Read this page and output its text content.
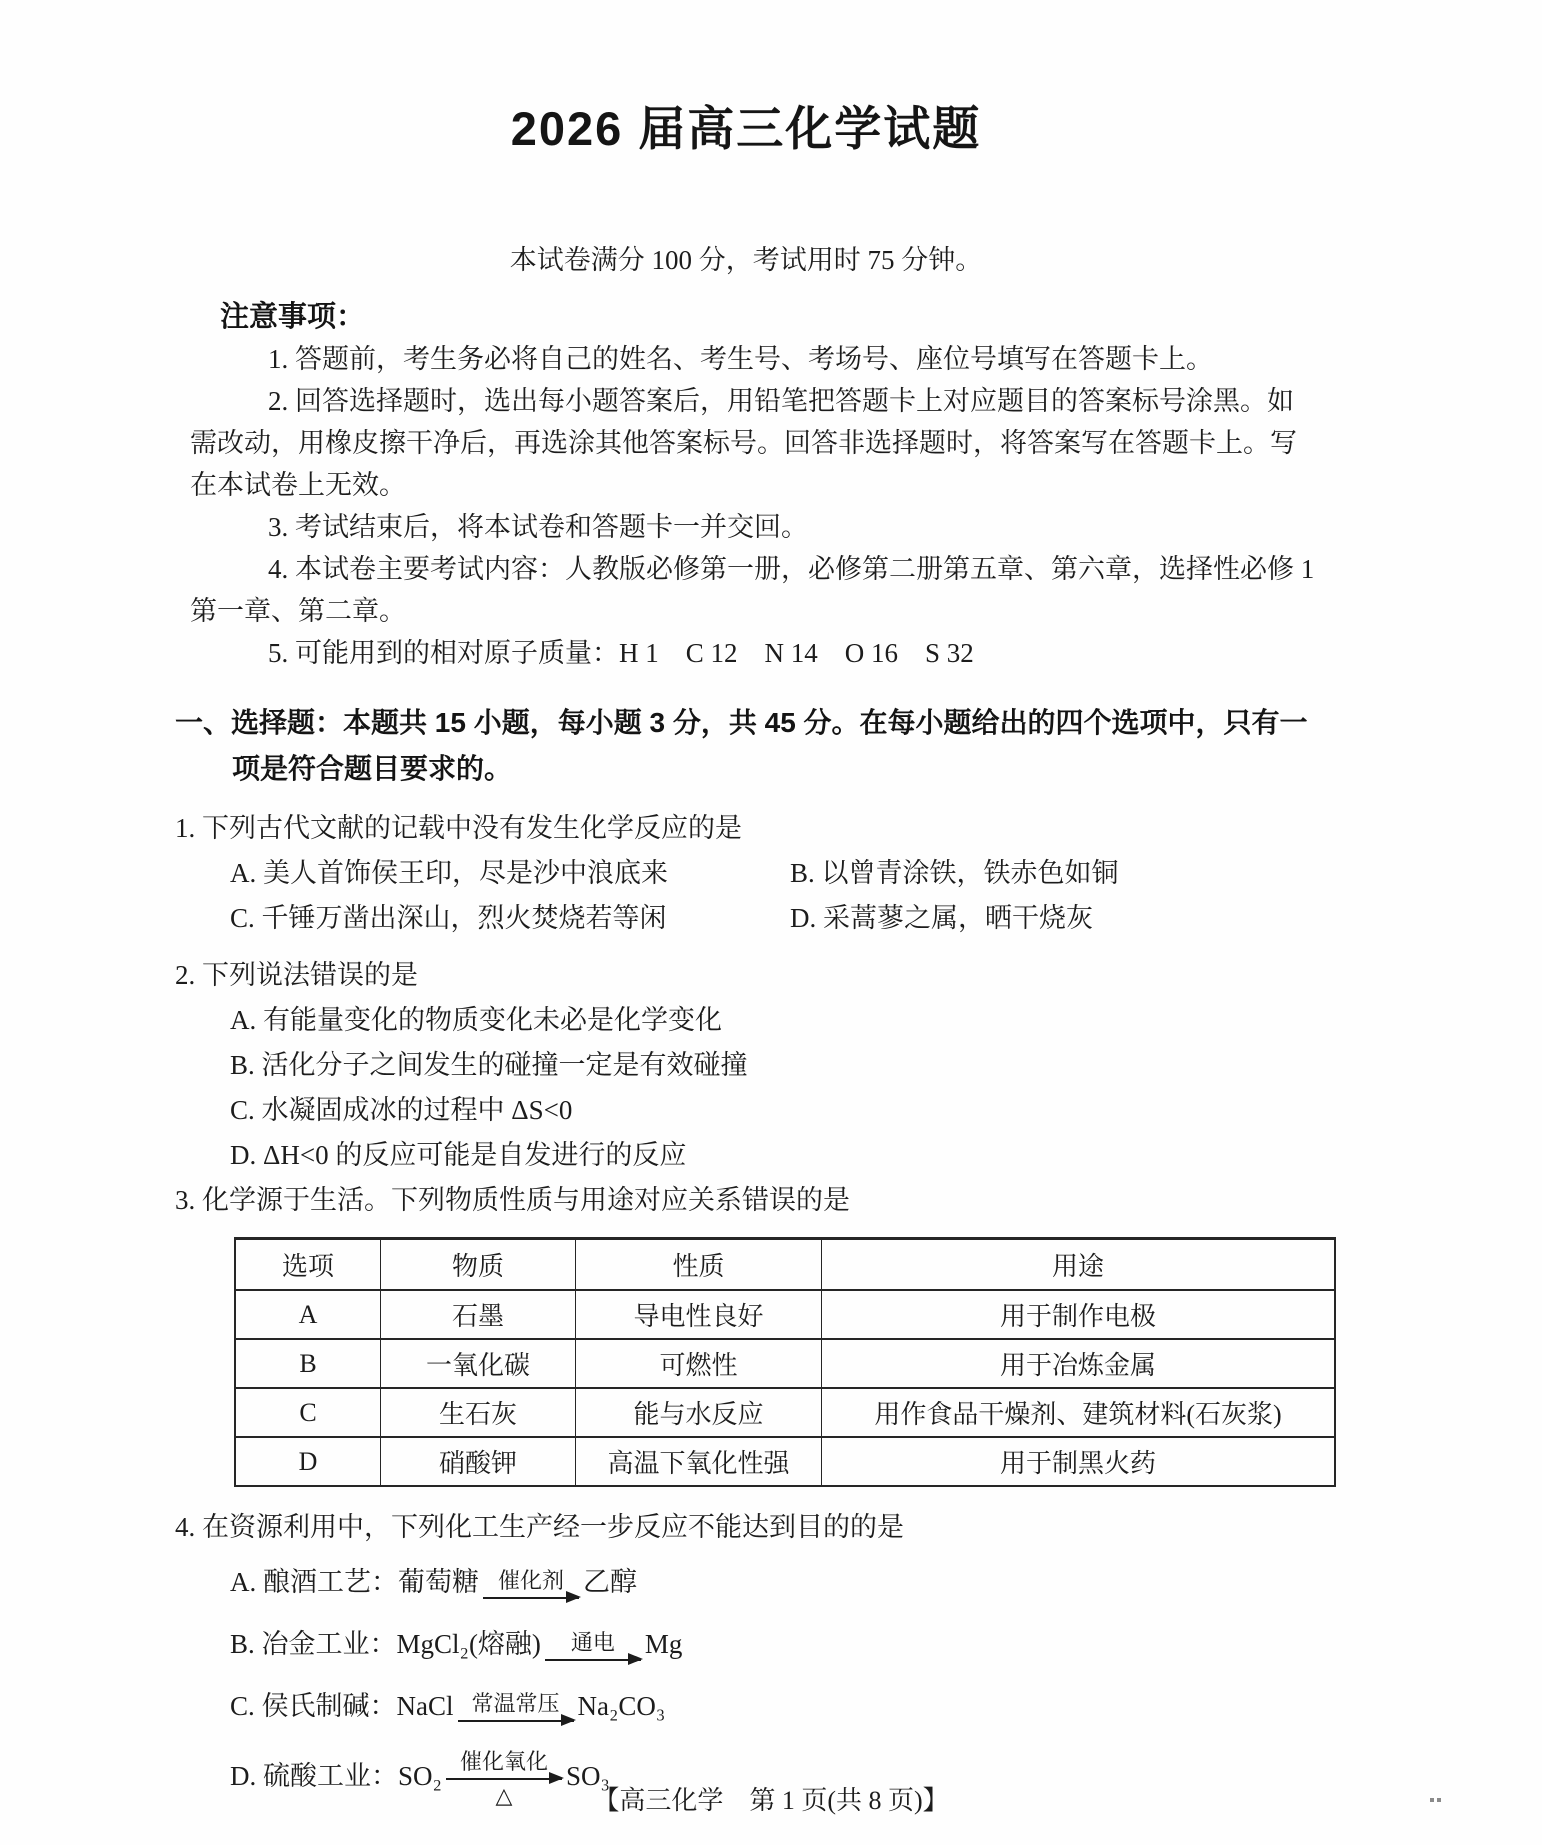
2026 届高三化学试题

本试卷满分 100 分，考试用时 75 分钟。

注意事项：

1. 答题前，考生务必将自己的姓名、考生号、考场号、座位号填写在答题卡上。

2. 回答选择题时，选出每小题答案后，用铅笔把答题卡上对应题目的答案标号涂黑。如需改动，用橡皮擦干净后，再选涂其他答案标号。回答非选择题时，将答案写在答题卡上。写在本试卷上无效。

3. 考试结束后，将本试卷和答题卡一并交回。

4. 本试卷主要考试内容：人教版必修第一册，必修第二册第五章、第六章，选择性必修 1 第一章、第二章。

5. 可能用到的相对原子质量：H 1　C 12　N 14　O 16　S 32

一、选择题：本题共 15 小题，每小题 3 分，共 45 分。在每小题给出的四个选项中，只有一项是符合题目要求的。

1. 下列古代文献的记载中没有发生化学反应的是

A. 美人首饰侯王印，尽是沙中浪底来	B. 以曾青涂铁，铁赤色如铜
C. 千锤万凿出深山，烈火焚烧若等闲	D. 采蒿蓼之属，晒干烧灰

2. 下列说法错误的是

A. 有能量变化的物质变化未必是化学变化

B. 活化分子之间发生的碰撞一定是有效碰撞

C. 水凝固成冰的过程中 ΔS<0

D. ΔH<0 的反应可能是自发进行的反应

3. 化学源于生活。下列物质性质与用途对应关系错误的是

选项	物质	性质	用途
A	石墨	导电性良好	用于制作电极
B	一氧化碳	可燃性	用于冶炼金属
C	生石灰	能与水反应	用作食品干燥剂、建筑材料(石灰浆)
D	硝酸钾	高温下氧化性强	用于制黑火药

4. 在资源利用中，下列化工生产经一步反应不能达到目的的是

A. 酿酒工艺：葡萄糖 催化剂 乙醇
B. 冶金工业：MgCl₂(熔融)	通电	Mg
C. 侯氏制碱：NaCl 常温常压 Na₂CO₃
D. 硫酸工业：SO₂ 催化氧化
△
SO₃

【高三化学　第 1 页(共 8 页)】
